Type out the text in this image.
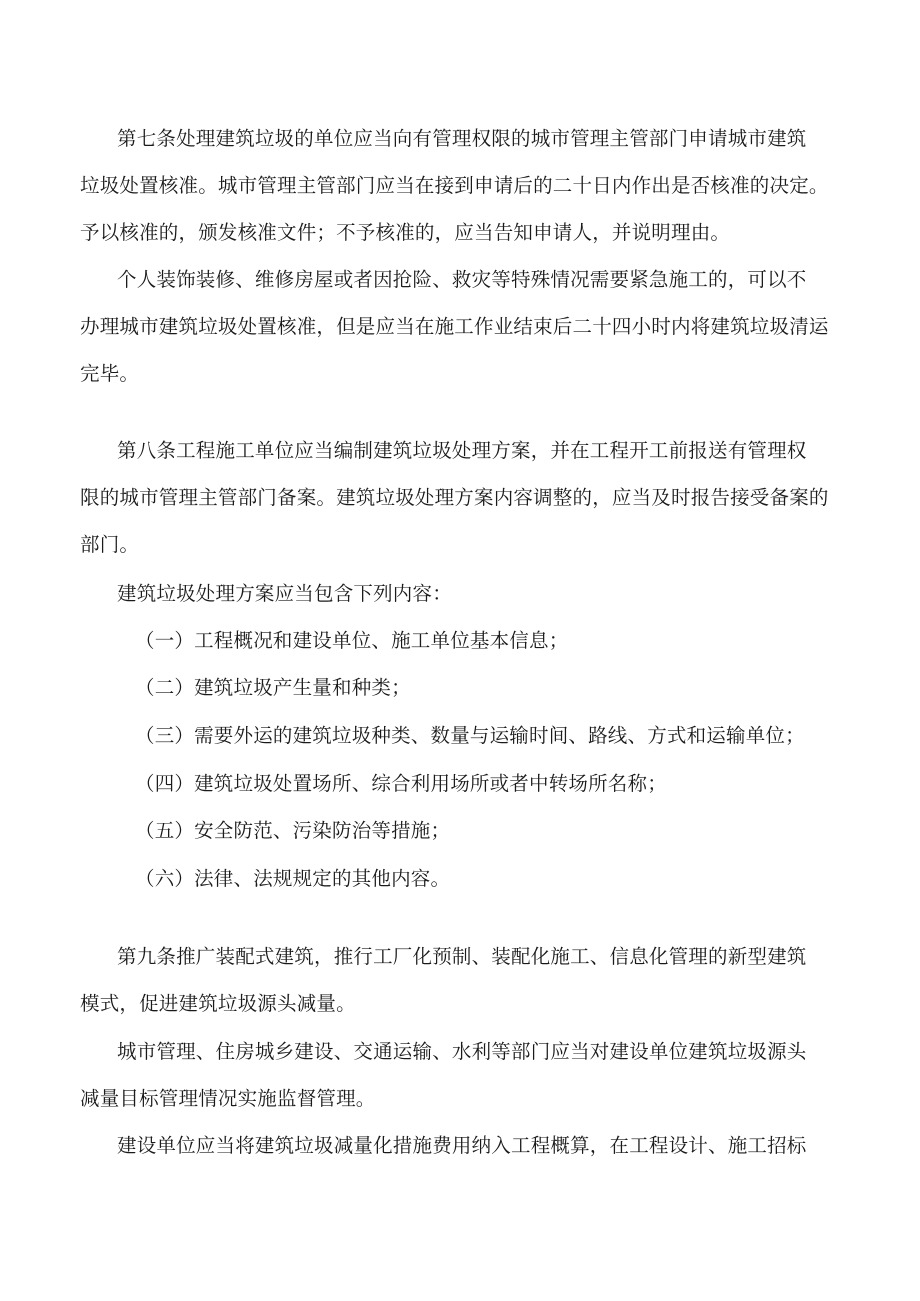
第七条处理建筑垃圾的单位应当向有管理权限的城市管理主管部门申请城市建筑
垃圾处置核准。城市管理主管部门应当在接到申请后的二十日内作出是否核准的决定。
予以核准的，颁发核准文件；不予核准的，应当告知申请人，并说明理由。
个人装饰装修、维修房屋或者因抢险、救灾等特殊情况需要紧急施工的，可以不
办理城市建筑垃圾处置核准，但是应当在施工作业结束后二十四小时内将建筑垃圾清运
完毕。
第八条工程施工单位应当编制建筑垃圾处理方案，并在工程开工前报送有管理权
限的城市管理主管部门备案。建筑垃圾处理方案内容调整的，应当及时报告接受备案的
部门。

建筑垃圾处理方案应当包含下列内容：

（一）工程概况和建设单位、施工单位基本信息；

（二）建筑垃圾产生量和种类；

（三）需要外运的建筑垃圾种类、数量与运输时间、路线、方式和运输单位；

（四）建筑垃圾处置场所、综合利用场所或者中转场所名称；

（五）安全防范、污染防治等措施；

（六）法律、法规规定的其他内容。

第九条推广装配式建筑，推行工厂化预制、装配化施工、信息化管理的新型建筑
模式，促进建筑垃圾源头减量。
城市管理、住房城乡建设、交通运输、水利等部门应当对建设单位建筑垃圾源头
减量目标管理情况实施监督管理。
建设单位应当将建筑垃圾减量化措施费用纳入工程概算，在工程设计、施工招标
